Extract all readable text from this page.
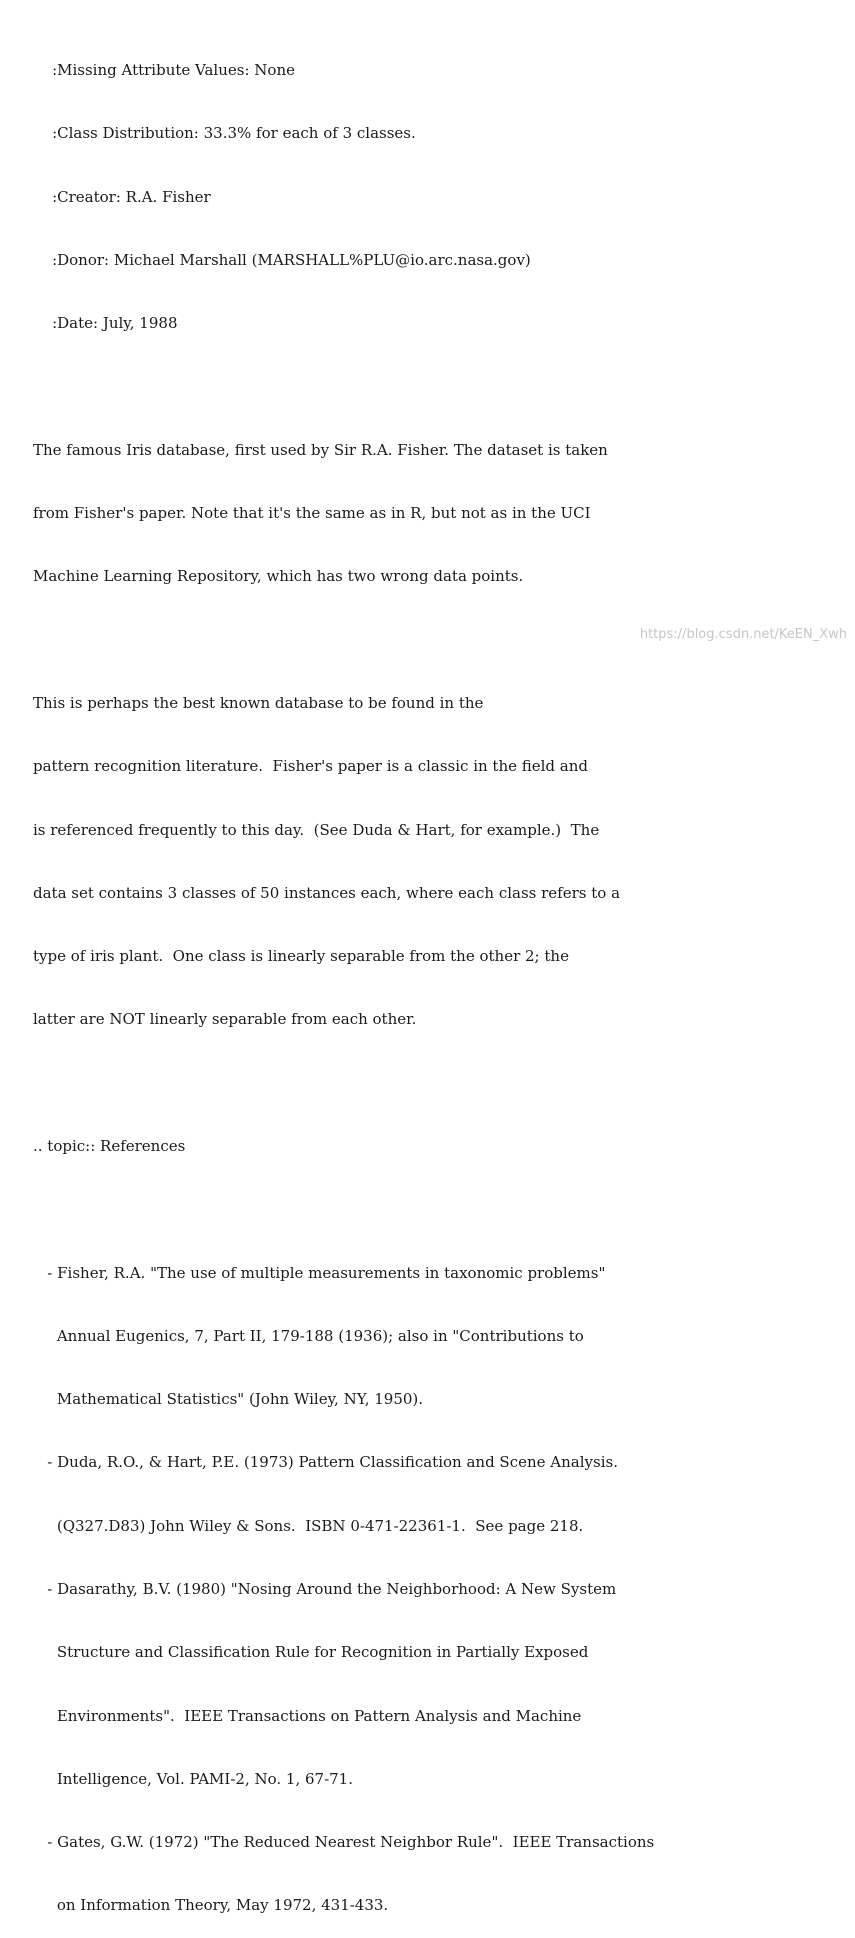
:Missing Attribute Values: None

:Class Distribution: 33.3% for each of 3 classes.

:Creator: R.A. Fisher

:Donor: Michael Marshall (MARSHALL%PLU@io.arc.nasa.gov)

:Date: July, 1988

The famous Iris database, first used by Sir R.A. Fisher. The dataset is taken

from Fisher's paper. Note that it's the same as in R, but not as in the UCI

Machine Learning Repository, which has two wrong data points.

This is perhaps the best known database to be found in the

pattern recognition literature.  Fisher's paper is a classic in the field and

is referenced frequently to this day.  (See Duda & Hart, for example.)  The

data set contains 3 classes of 50 instances each, where each class refers to a

type of iris plant.  One class is linearly separable from the other 2; the

latter are NOT linearly separable from each other.

.. topic:: References

- Fisher, R.A. "The use of multiple measurements in taxonomic problems"

Annual Eugenics, 7, Part II, 179-188 (1936); also in "Contributions to

Mathematical Statistics" (John Wiley, NY, 1950).

- Duda, R.O., & Hart, P.E. (1973) Pattern Classification and Scene Analysis.

(Q327.D83) John Wiley & Sons.  ISBN 0-471-22361-1.  See page 218.

- Dasarathy, B.V. (1980) "Nosing Around the Neighborhood: A New System

Structure and Classification Rule for Recognition in Partially Exposed

Environments".  IEEE Transactions on Pattern Analysis and Machine

Intelligence, Vol. PAMI-2, No. 1, 67-71.

- Gates, G.W. (1972) "The Reduced Nearest Neighbor Rule".  IEEE Transactions

on Information Theory, May 1972, 431-433.

https://blog.csdn.net/KeEN_Xwh
